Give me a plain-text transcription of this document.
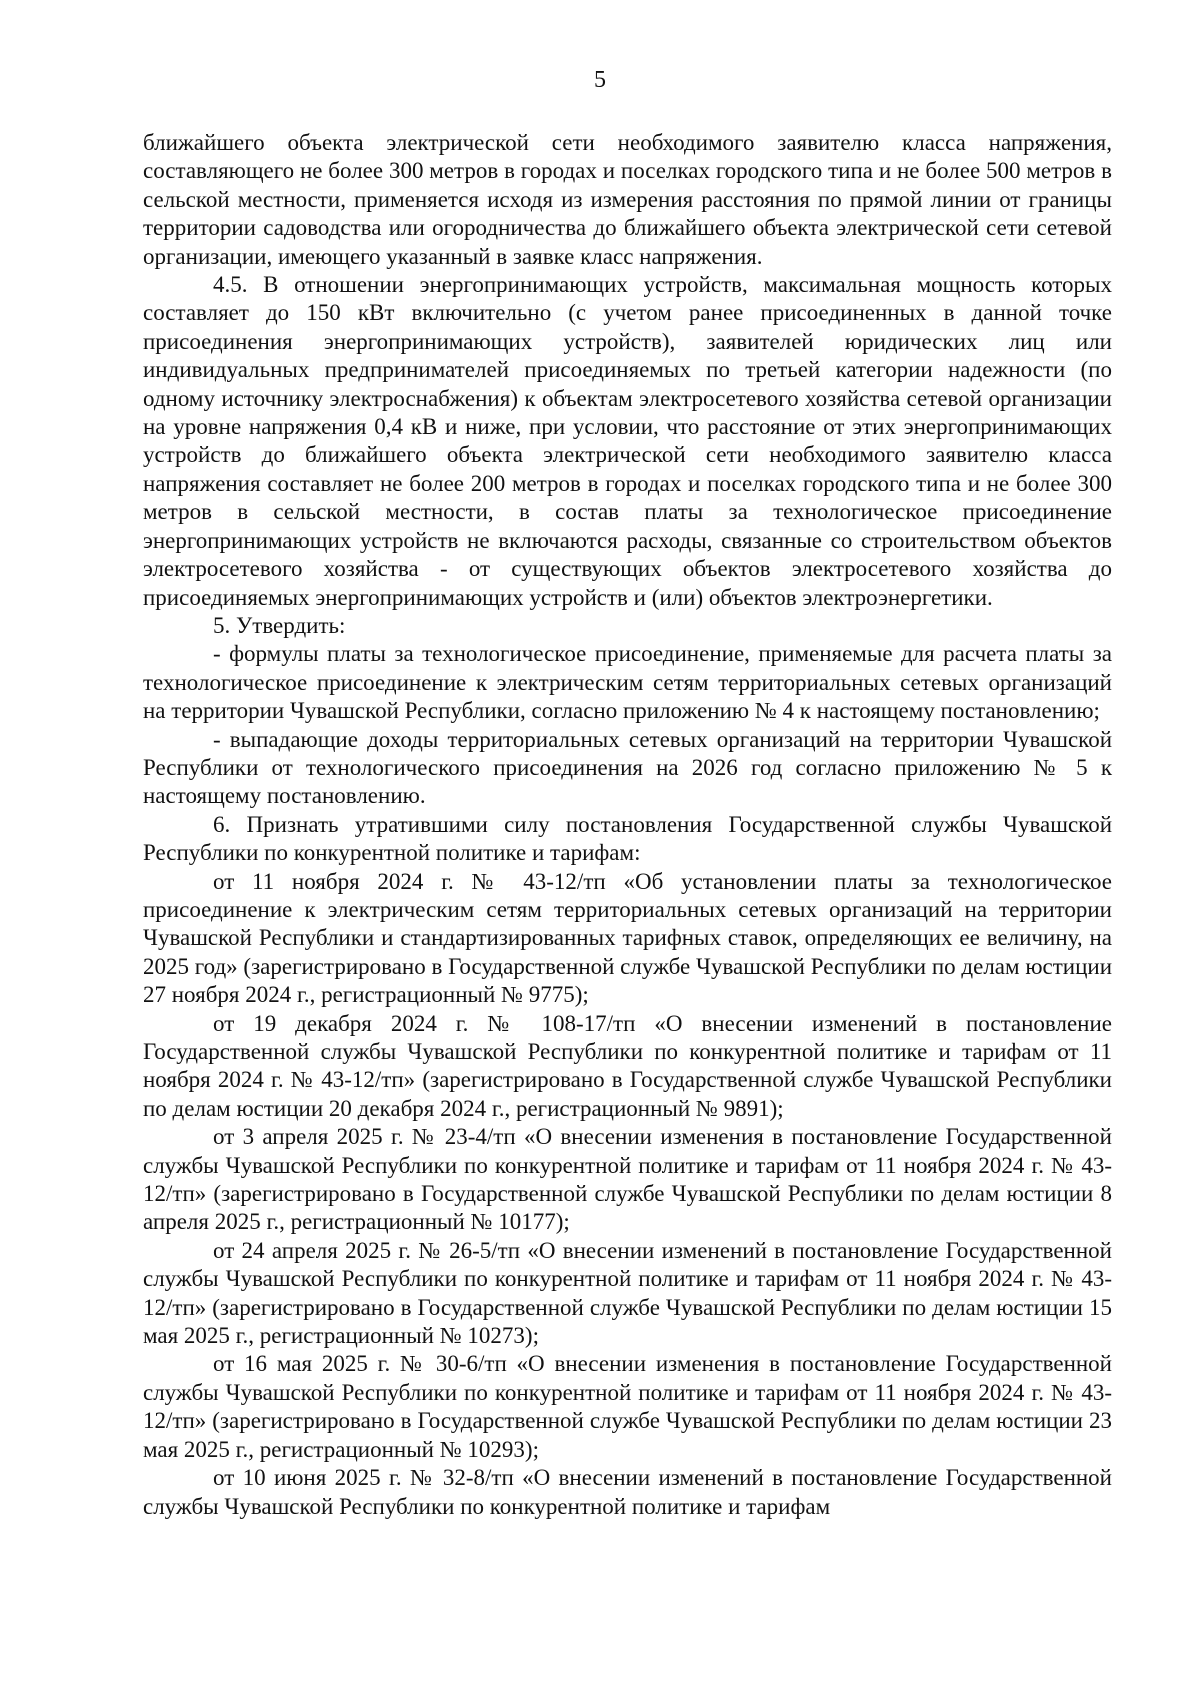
5

ближайшего объекта электрической сети необходимого заявителю класса напряжения, составляющего не более 300 метров в городах и поселках городского типа и не более 500 метров в сельской местности, применяется исходя из измерения расстояния по прямой линии от границы территории садоводства или огородничества до ближайшего объекта электрической сети сетевой организации, имеющего указанный в заявке класс напряжения.

4.5. В отношении энергопринимающих устройств, максимальная мощность которых составляет до 150 кВт включительно (с учетом ранее присоединенных в данной точке присоединения энергопринимающих устройств), заявителей юридических лиц или индивидуальных предпринимателей присоединяемых по третьей категории надежности (по одному источнику электроснабжения) к объектам электросетевого хозяйства сетевой организации на уровне напряжения 0,4 кВ и ниже, при условии, что расстояние от этих энергопринимающих устройств до ближайшего объекта электрической сети необходимого заявителю класса напряжения составляет не более 200 метров в городах и поселках городского типа и не более 300 метров в сельской местности, в состав платы за технологическое присоединение энергопринимающих устройств не включаются расходы, связанные со строительством объектов электросетевого хозяйства - от существующих объектов электросетевого хозяйства до присоединяемых энергопринимающих устройств и (или) объектов электроэнергетики.

5. Утвердить:

- формулы платы за технологическое присоединение, применяемые для расчета платы за технологическое присоединение к электрическим сетям территориальных сетевых организаций на территории Чувашской Республики, согласно приложению № 4 к настоящему постановлению;

- выпадающие доходы территориальных сетевых организаций на территории Чувашской Республики от технологического присоединения на 2026 год согласно приложению № 5 к настоящему постановлению.

6. Признать утратившими силу постановления Государственной службы Чувашской Республики по конкурентной политике и тарифам:

от 11 ноября 2024 г. № 43-12/тп «Об установлении платы за технологическое присоединение к электрическим сетям территориальных сетевых организаций на территории Чувашской Республики и стандартизированных тарифных ставок, определяющих ее величину, на 2025 год» (зарегистрировано в Государственной службе Чувашской Республики по делам юстиции 27 ноября 2024 г., регистрационный № 9775);

от 19 декабря 2024 г. № 108-17/тп «О внесении изменений в постановление Государственной службы Чувашской Республики по конкурентной политике и тарифам от 11 ноября 2024 г. № 43-12/тп» (зарегистрировано в Государственной службе Чувашской Республики по делам юстиции 20 декабря 2024 г., регистрационный № 9891);

от 3 апреля 2025 г. № 23-4/тп «О внесении изменения в постановление Государственной службы Чувашской Республики по конкурентной политике и тарифам от 11 ноября 2024 г. № 43-12/тп» (зарегистрировано в Государственной службе Чувашской Республики по делам юстиции 8 апреля 2025 г., регистрационный № 10177);

от 24 апреля 2025 г. № 26-5/тп «О внесении изменений в постановление Государственной службы Чувашской Республики по конкурентной политике и тарифам от 11 ноября 2024 г. № 43-12/тп» (зарегистрировано в Государственной службе Чувашской Республики по делам юстиции 15 мая 2025 г., регистрационный № 10273);

от 16 мая 2025 г. № 30-6/тп «О внесении изменения в постановление Государственной службы Чувашской Республики по конкурентной политике и тарифам от 11 ноября 2024 г. № 43-12/тп» (зарегистрировано в Государственной службе Чувашской Республики по делам юстиции 23 мая 2025 г., регистрационный № 10293);

от 10 июня 2025 г. № 32-8/тп «О внесении изменений в постановление Государственной службы Чувашской Республики по конкурентной политике и тарифам
